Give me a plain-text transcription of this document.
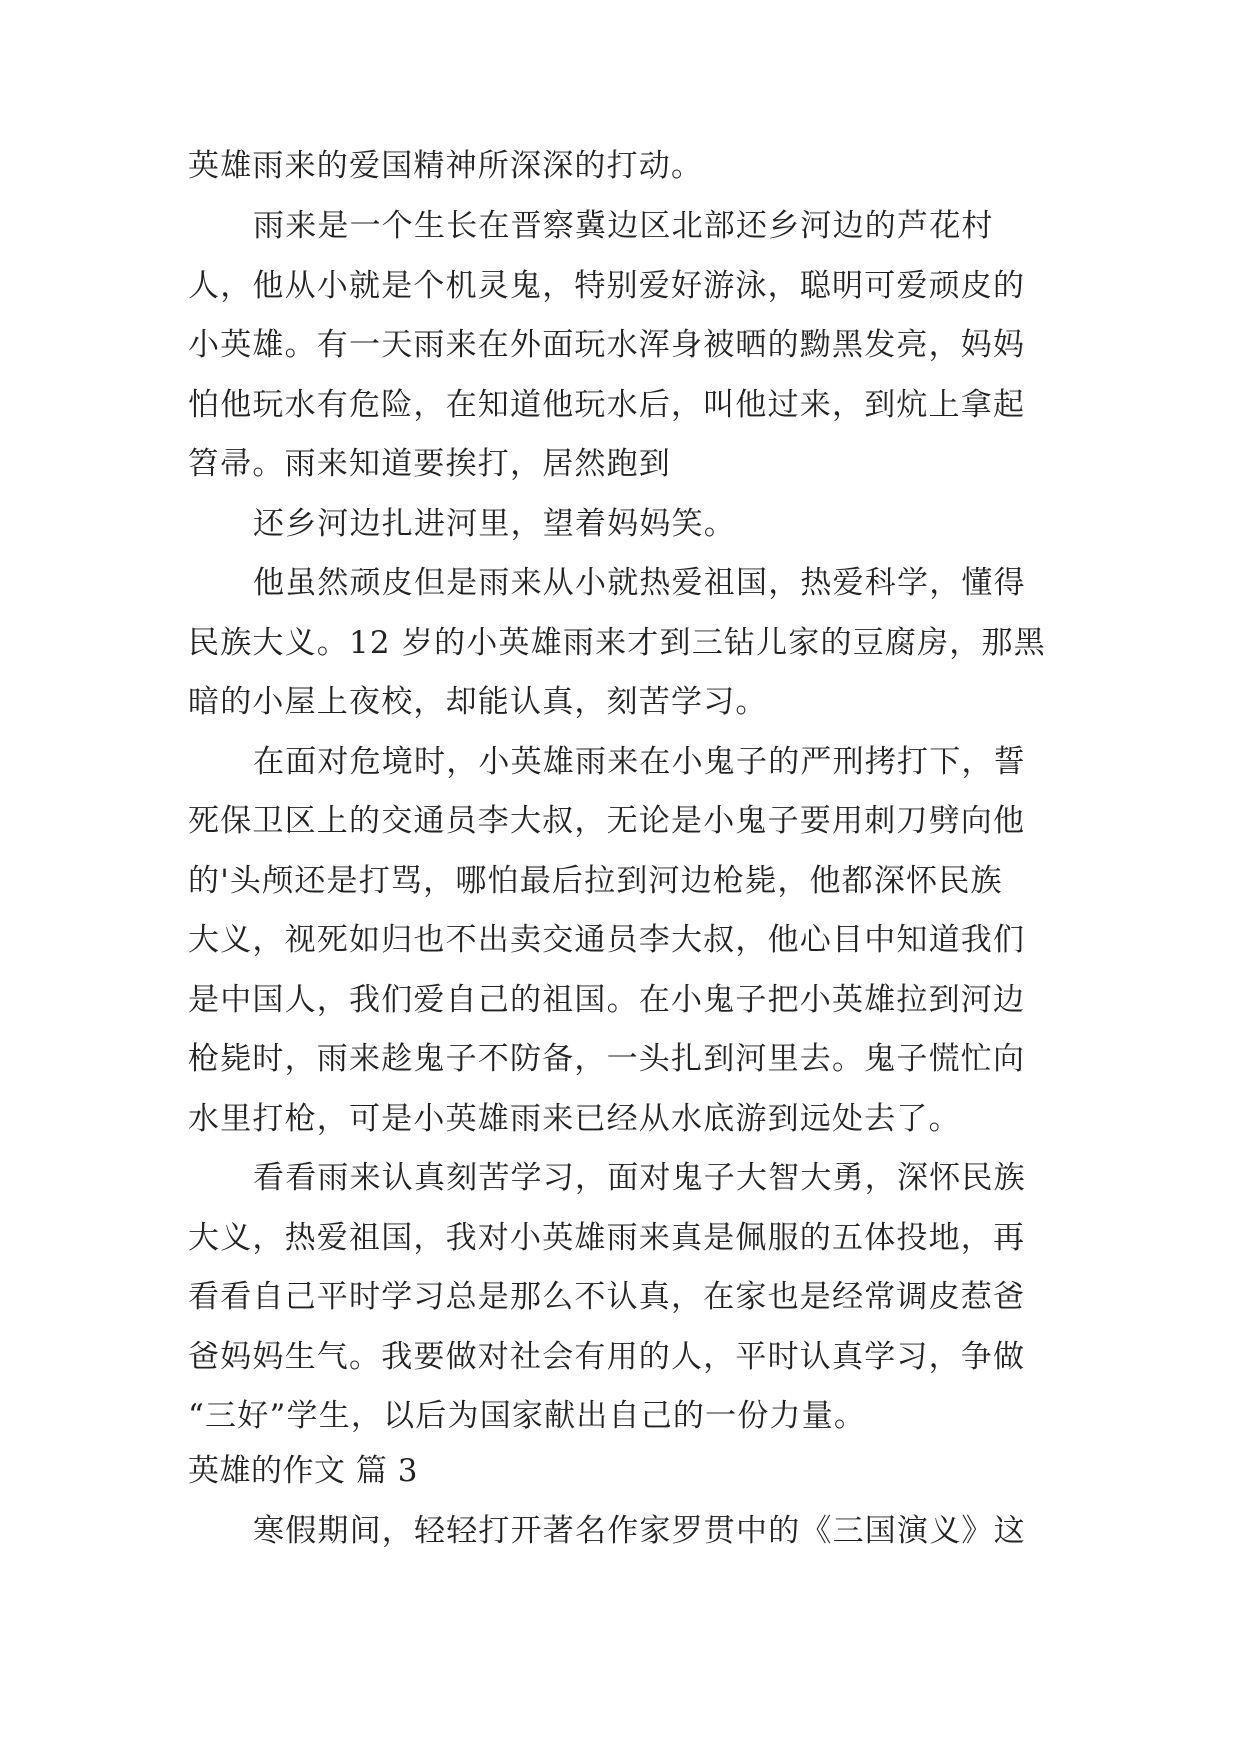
英雄雨来的爱国精神所深深的打动。
雨来是一个生长在晋察冀边区北部还乡河边的芦花村
人，他从小就是个机灵鬼，特别爱好游泳，聪明可爱顽皮的
小英雄。有一天雨来在外面玩水浑身被晒的黝黑发亮，妈妈
怕他玩水有危险，在知道他玩水后，叫他过来，到炕上拿起
笤帚。雨来知道要挨打，居然跑到
还乡河边扎进河里，望着妈妈笑。
他虽然顽皮但是雨来从小就热爱祖国，热爱科学，懂得
民族大义。12 岁的小英雄雨来才到三钻儿家的豆腐房，那黑
暗的小屋上夜校，却能认真，刻苦学习。
在面对危境时，小英雄雨来在小鬼子的严刑拷打下，誓
死保卫区上的交通员李大叔，无论是小鬼子要用刺刀劈向他
的'头颅还是打骂，哪怕最后拉到河边枪毙，他都深怀民族
大义，视死如归也不出卖交通员李大叔，他心目中知道我们
是中国人，我们爱自己的祖国。在小鬼子把小英雄拉到河边
枪毙时，雨来趁鬼子不防备，一头扎到河里去。鬼子慌忙向
水里打枪，可是小英雄雨来已经从水底游到远处去了。
看看雨来认真刻苦学习，面对鬼子大智大勇，深怀民族
大义，热爱祖国，我对小英雄雨来真是佩服的五体投地，再
看看自己平时学习总是那么不认真，在家也是经常调皮惹爸
爸妈妈生气。我要做对社会有用的人，平时认真学习，争做
“三好”学生，以后为国家献出自己的一份力量。
英雄的作文 篇 3
寒假期间，轻轻打开著名作家罗贯中的《三国演义》这
